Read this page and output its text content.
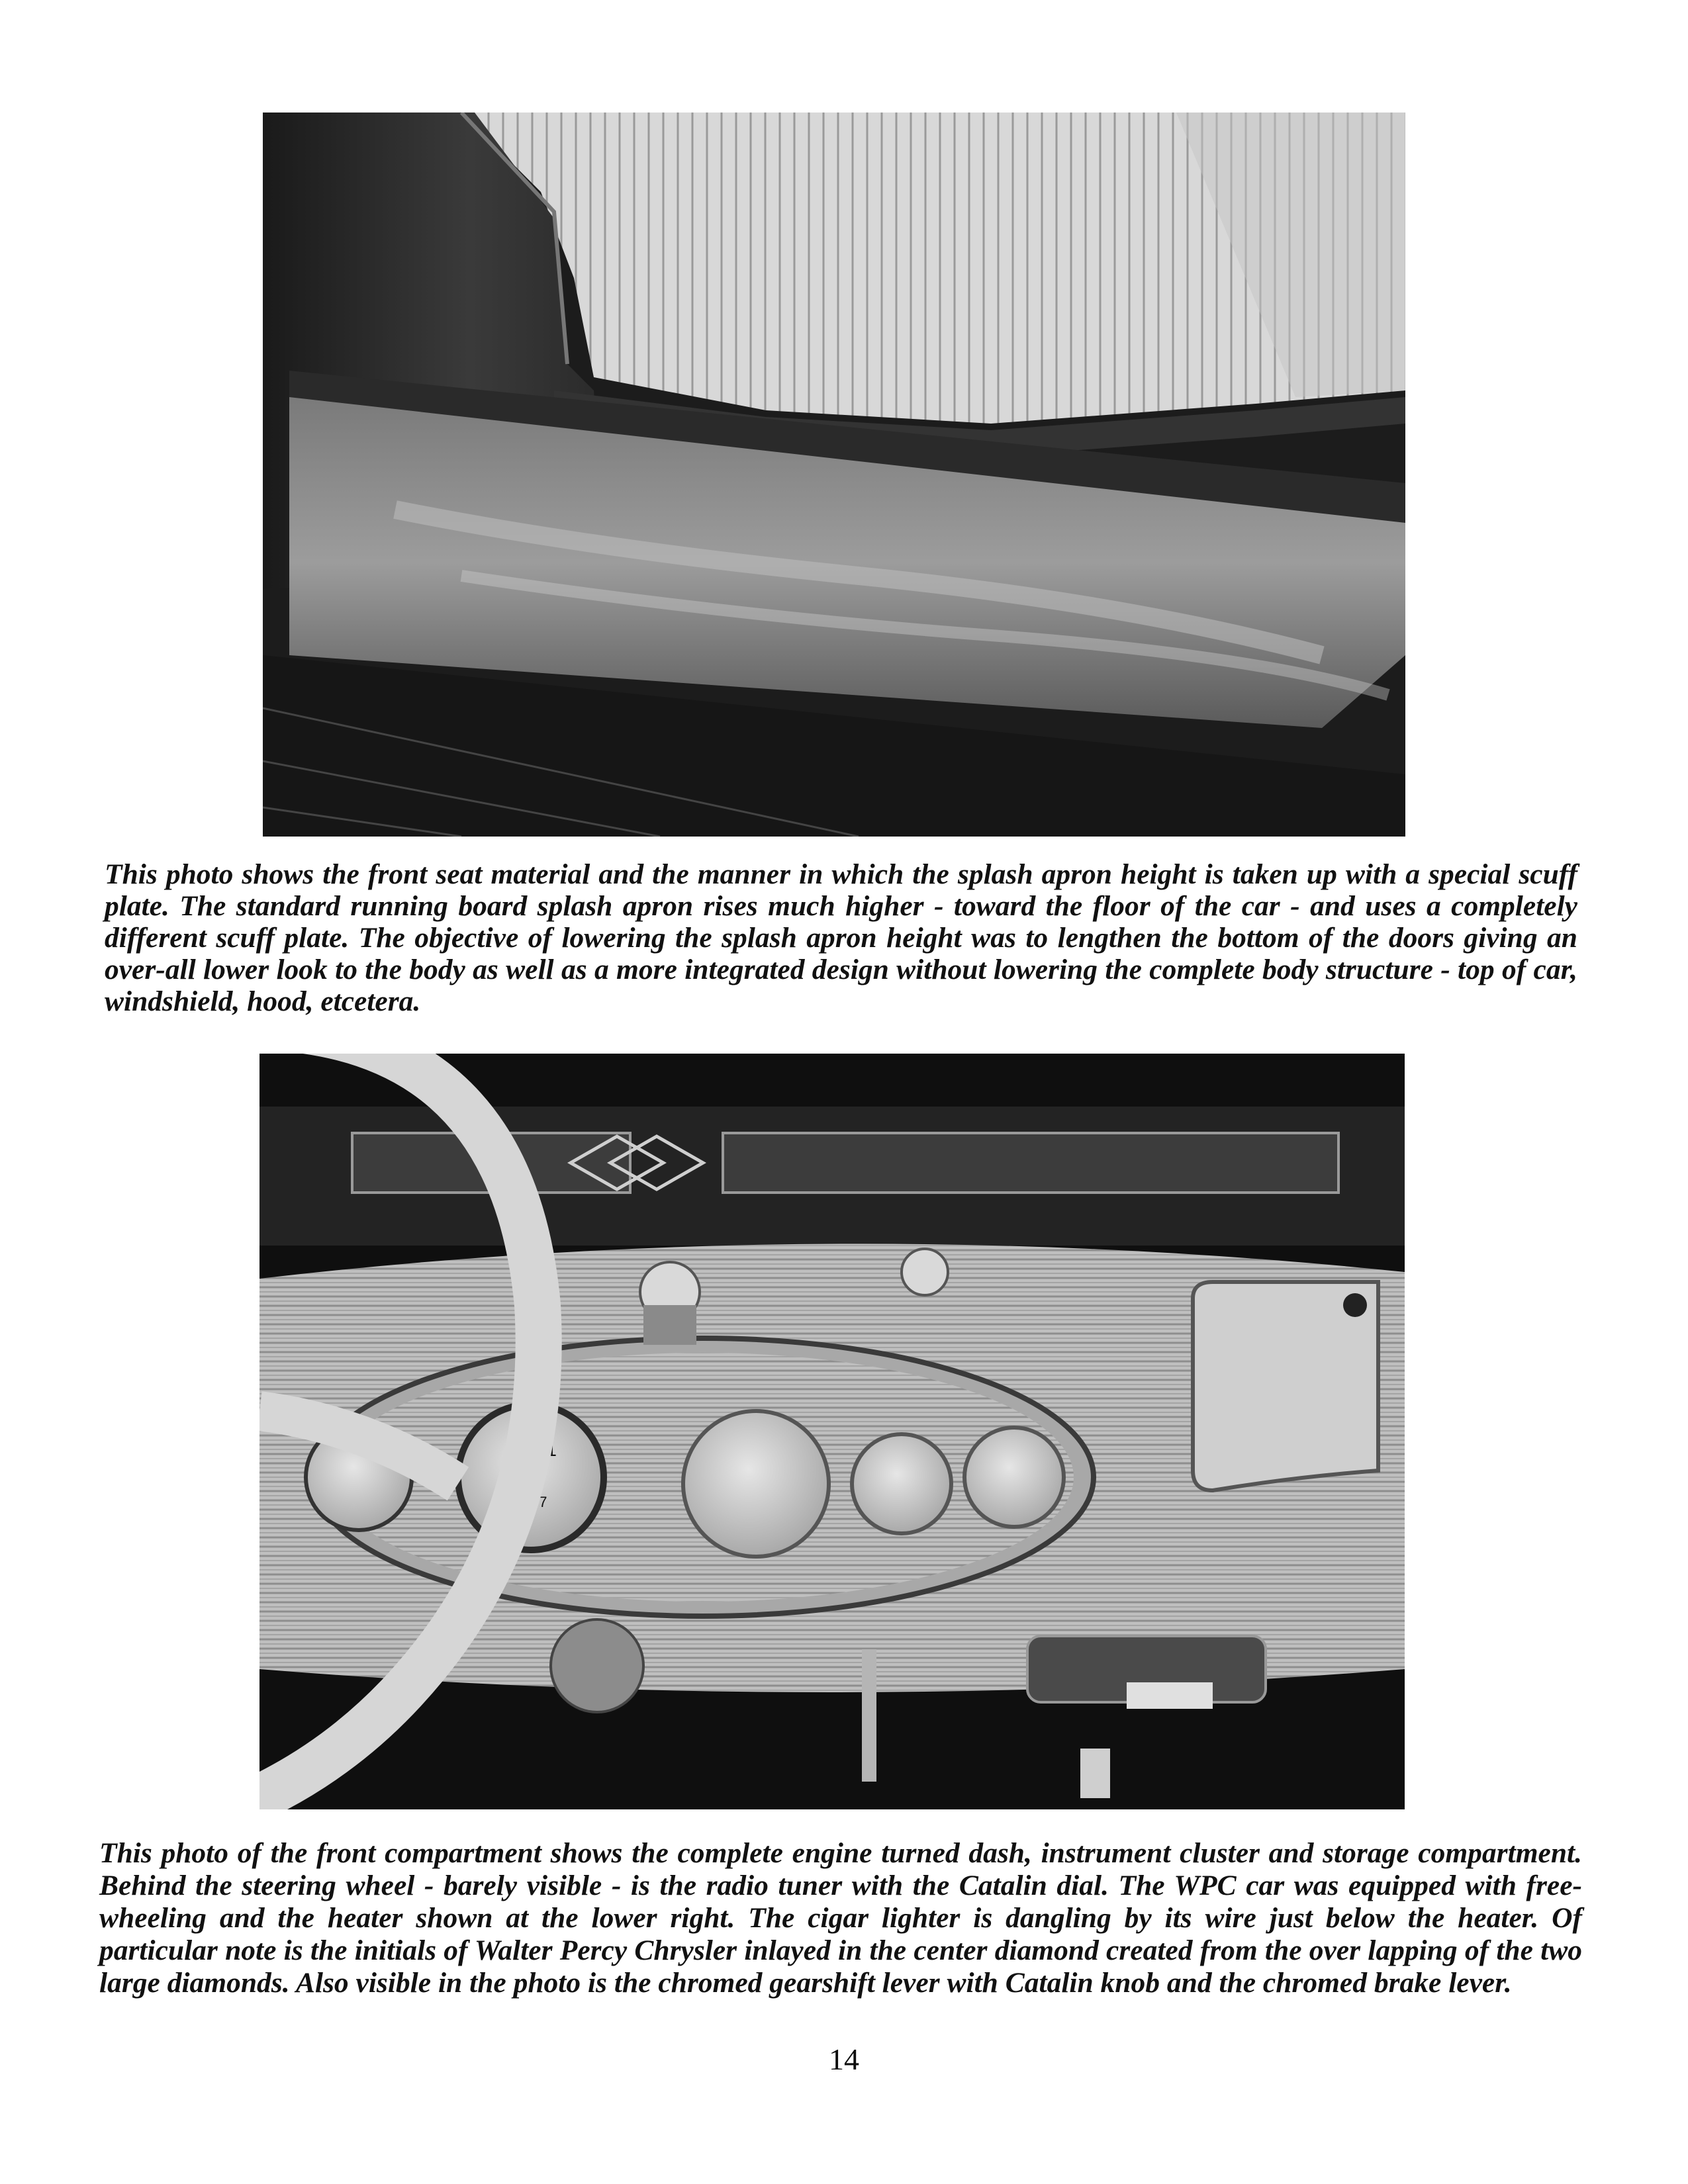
This photo shows the front seat material and the manner in which the splash apron height is taken up with a special scuff plate. The standard running board splash apron rises much higher - toward the floor of the car - and uses a completely different scuff plate. The objective of lowering the splash apron height was to lengthen the bottom of the doors giving an over-all lower look to the body as well as a more integrated design without lowering the complete body structure - top of car, windshield, hood, etcetera.

45371
9907

This photo of the front compartment shows the complete engine turned dash, instrument cluster and storage compartment. Behind the steering wheel - barely visible - is the radio tuner with the Catalin dial. The WPC car was equipped with free-wheeling and the heater shown at the lower right. The cigar lighter is dangling by its wire just below the heater. Of particular note is the initials of Walter Percy Chrysler inlayed in the center diamond created from the over lapping of the two large diamonds. Also visible in the photo is the chromed gearshift lever with Catalin knob and the chromed brake lever.

14
